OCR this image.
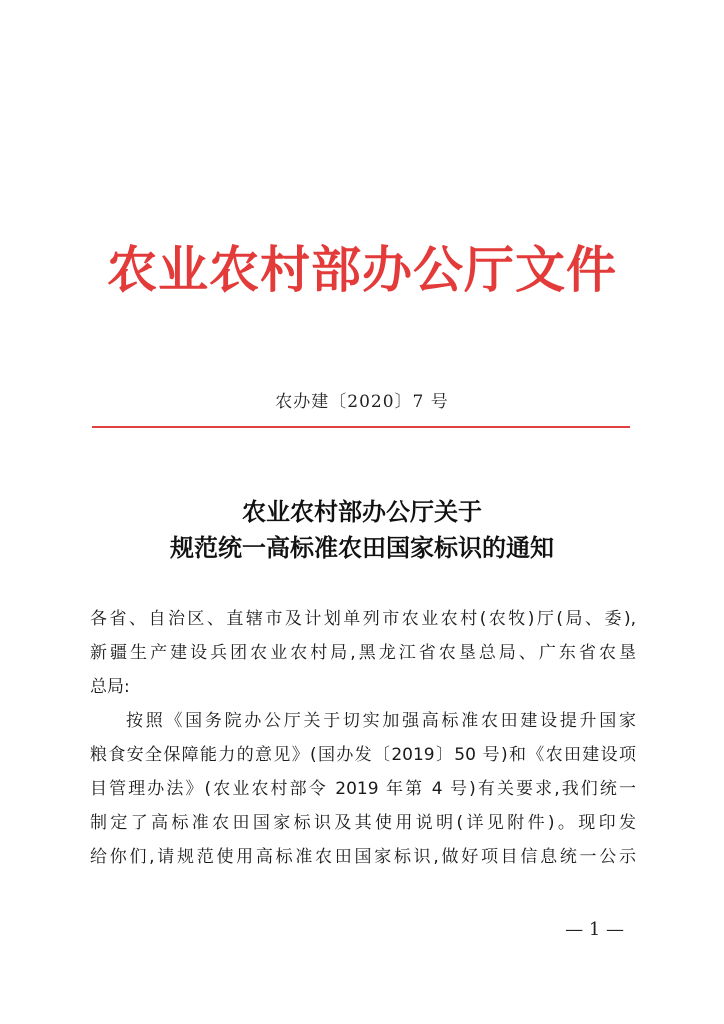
农业农村部办公厅文件
农办建〔2020〕7 号
农业农村部办公厅关于
规范统一高标准农田国家标识的通知
各省、自治区、直辖市及计划单列市农业农村(农牧)厅(局、委),
新疆生产建设兵团农业农村局,黑龙江省农垦总局、广东省农垦
总局:
按照《国务院办公厅关于切实加强高标准农田建设提升国家
粮食安全保障能力的意见》(国办发〔2019〕50 号)和《农田建设项
目管理办法》(农业农村部令 2019 年第 4 号)有关要求,我们统一
制定了高标准农田国家标识及其使用说明(详见附件)。现印发
给你们,请规范使用高标准农田国家标识,做好项目信息统一公示
— 1 —
